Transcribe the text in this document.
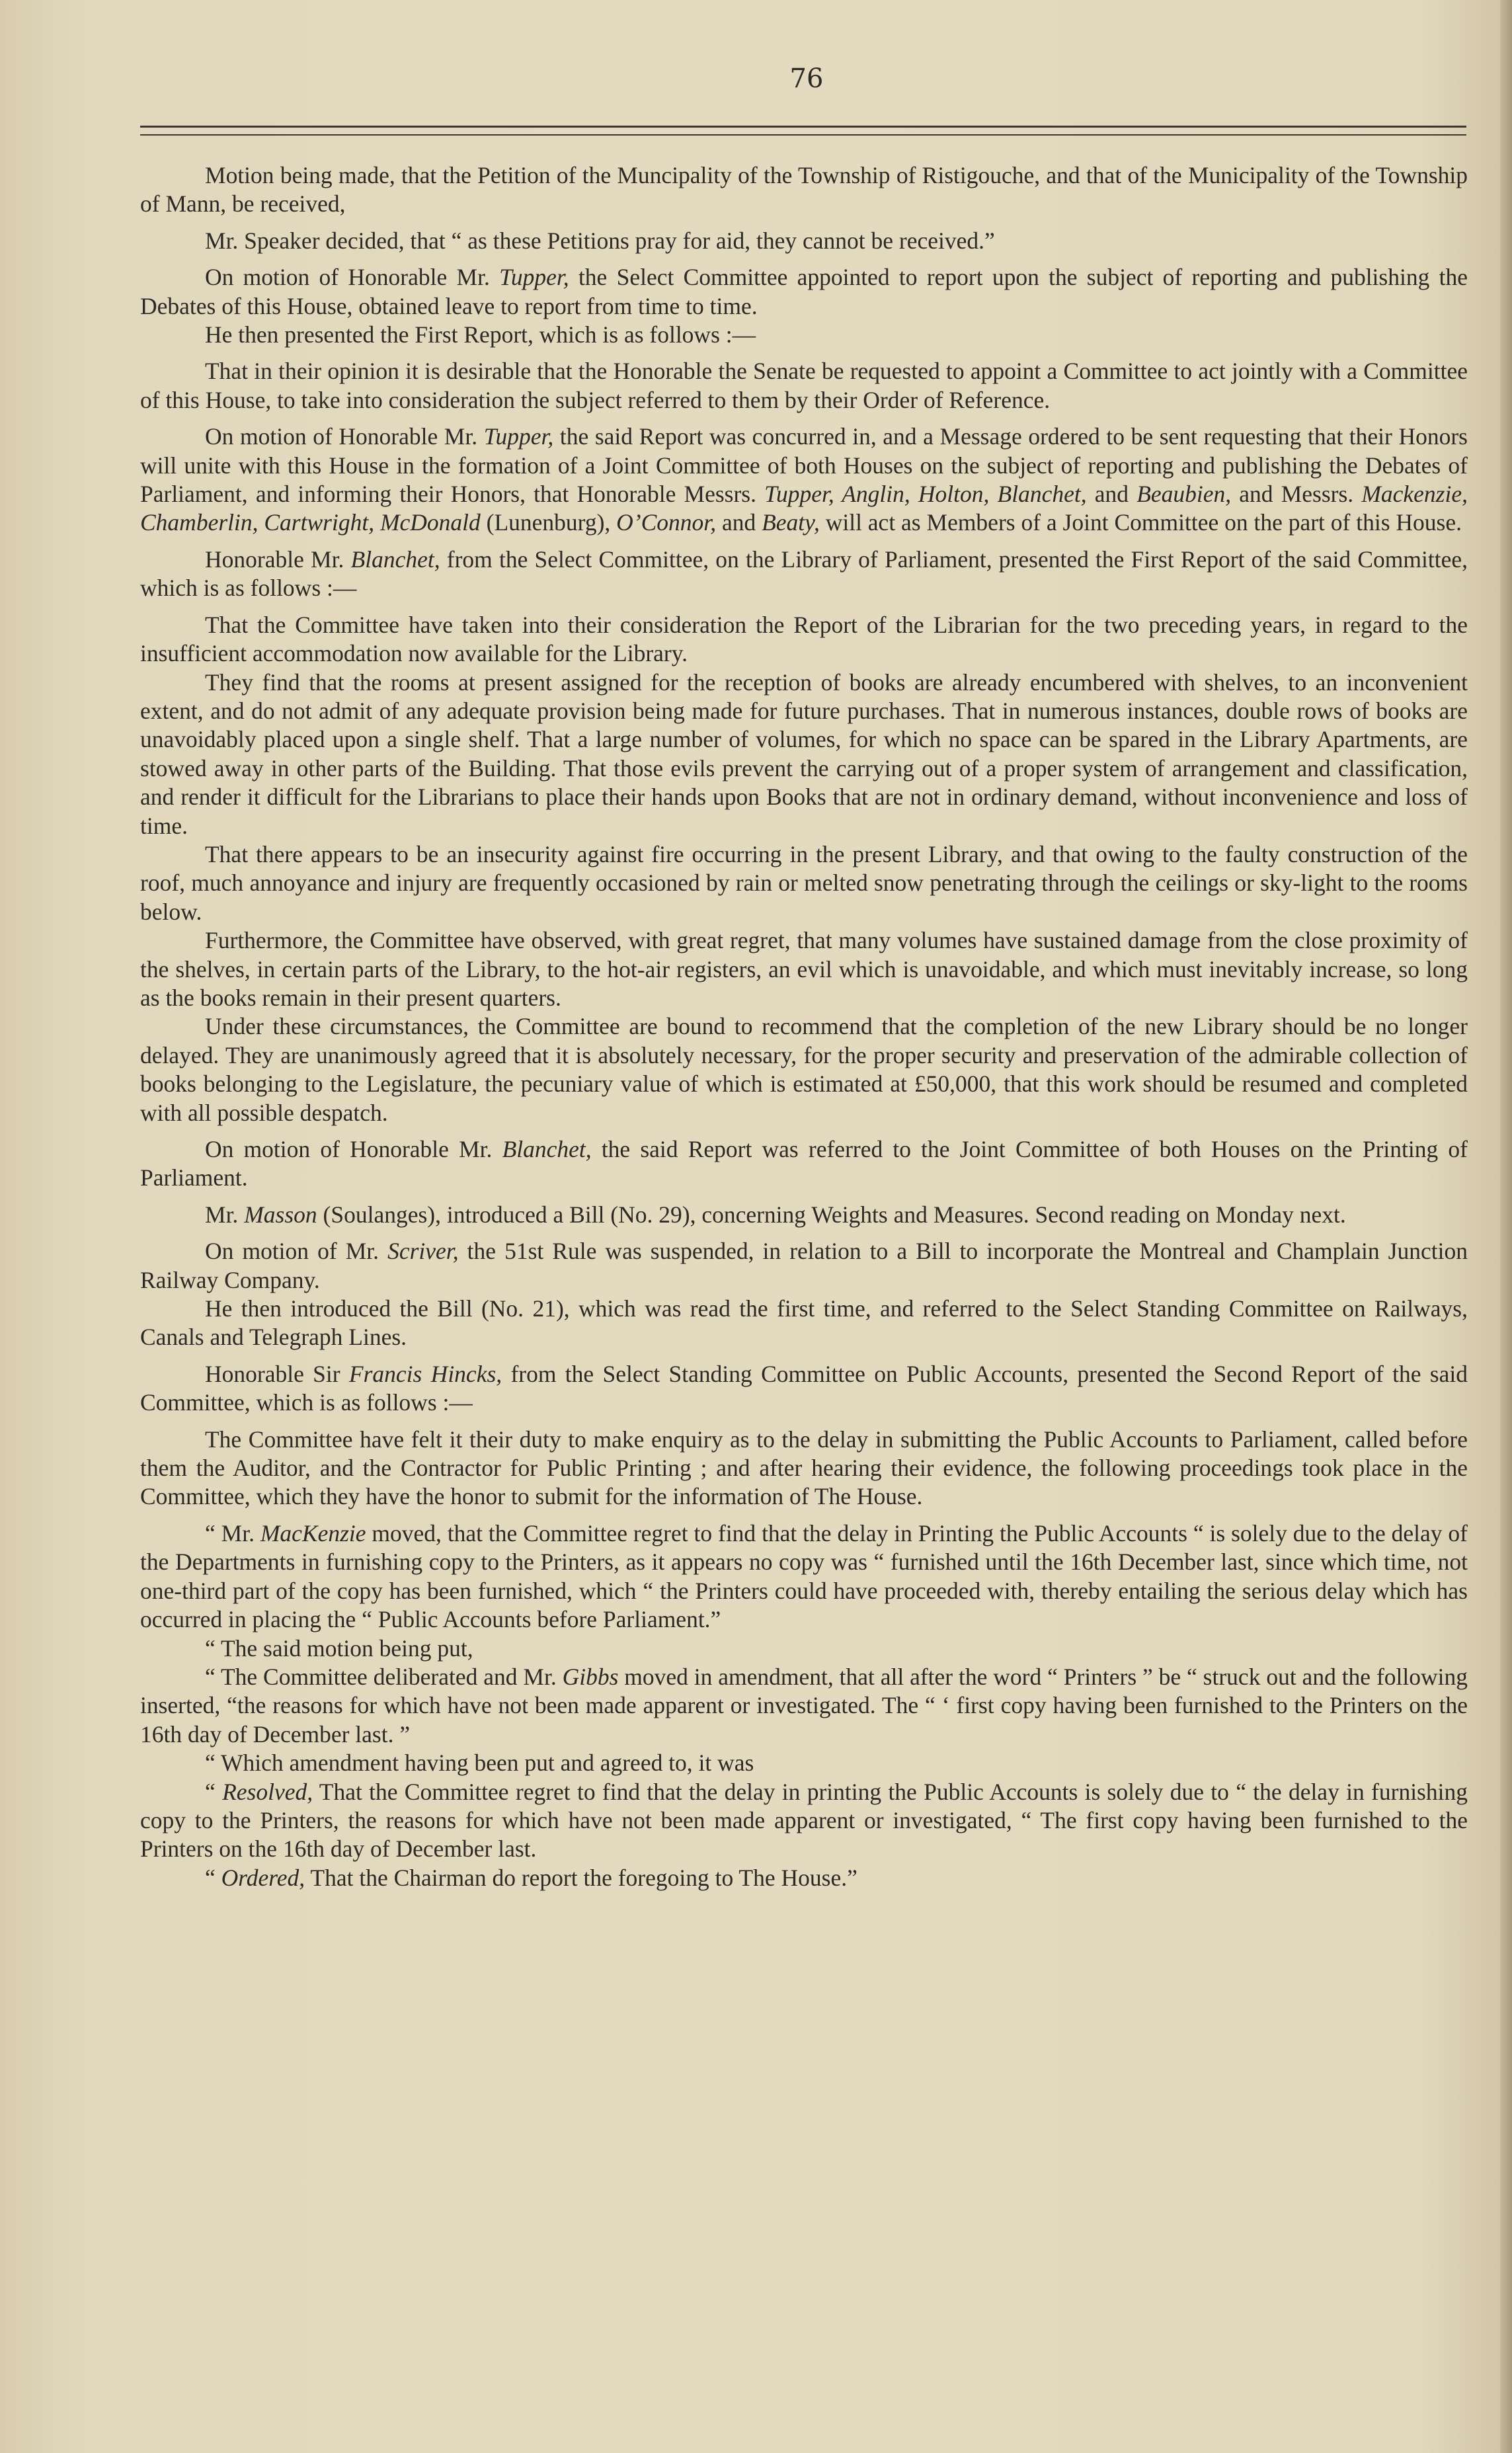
76

Motion being made, that the Petition of the Muncipality of the Township of Ristigouche, and that of the Municipality of the Township of Mann, be received,

Mr. Speaker decided, that “ as these Petitions pray for aid, they cannot be received.”

On motion of Honorable Mr. Tupper, the Select Committee appointed to report upon the subject of reporting and publishing the Debates of this House, obtained leave to report from time to time.

He then presented the First Report, which is as follows :—

That in their opinion it is desirable that the Honorable the Senate be requested to appoint a Committee to act jointly with a Committee of this House, to take into consideration the subject referred to them by their Order of Reference.

On motion of Honorable Mr. Tupper, the said Report was concurred in, and a Message ordered to be sent requesting that their Honors will unite with this House in the formation of a Joint Committee of both Houses on the subject of reporting and publishing the Debates of Parliament, and informing their Honors, that Honorable Messrs. Tupper, Anglin, Holton, Blanchet, and Beaubien, and Messrs. Mackenzie, Chamberlin, Cartwright, McDonald (Lunenburg), O’Connor, and Beaty, will act as Members of a Joint Committee on the part of this House.

Honorable Mr. Blanchet, from the Select Committee, on the Library of Parliament, presented the First Report of the said Committee, which is as follows :—

That the Committee have taken into their consideration the Report of the Librarian for the two preceding years, in regard to the insufficient accommodation now available for the Library.

They find that the rooms at present assigned for the reception of books are already encumbered with shelves, to an inconvenient extent, and do not admit of any adequate provision being made for future purchases. That in numerous instances, double rows of books are unavoidably placed upon a single shelf. That a large number of volumes, for which no space can be spared in the Library Apartments, are stowed away in other parts of the Building. That those evils prevent the carrying out of a proper system of arrangement and classification, and render it difficult for the Librarians to place their hands upon Books that are not in ordinary demand, without inconvenience and loss of time.

That there appears to be an insecurity against fire occurring in the present Library, and that owing to the faulty construction of the roof, much annoyance and injury are frequently occasioned by rain or melted snow penetrating through the ceilings or sky-light to the rooms below.

Furthermore, the Committee have observed, with great regret, that many volumes have sustained damage from the close proximity of the shelves, in certain parts of the Library, to the hot-air registers, an evil which is unavoidable, and which must inevitably increase, so long as the books remain in their present quarters.

Under these circumstances, the Committee are bound to recommend that the completion of the new Library should be no longer delayed. They are unanimously agreed that it is absolutely necessary, for the proper security and preservation of the admirable collection of books belonging to the Legislature, the pecuniary value of which is estimated at £50,000, that this work should be resumed and completed with all possible despatch.

On motion of Honorable Mr. Blanchet, the said Report was referred to the Joint Committee of both Houses on the Printing of Parliament.

Mr. Masson (Soulanges), introduced a Bill (No. 29), concerning Weights and Measures. Second reading on Monday next.

On motion of Mr. Scriver, the 51st Rule was suspended, in relation to a Bill to incorporate the Montreal and Champlain Junction Railway Company.

He then introduced the Bill (No. 21), which was read the first time, and referred to the Select Standing Committee on Railways, Canals and Telegraph Lines.

Honorable Sir Francis Hincks, from the Select Standing Committee on Public Accounts, presented the Second Report of the said Committee, which is as follows :—

The Committee have felt it their duty to make enquiry as to the delay in submitting the Public Accounts to Parliament, called before them the Auditor, and the Contractor for Public Printing ; and after hearing their evidence, the following proceedings took place in the Committee, which they have the honor to submit for the information of The House.

“ Mr. MacKenzie moved, that the Committee regret to find that the delay in Printing the Public Accounts “ is solely due to the delay of the Departments in furnishing copy to the Printers, as it appears no copy was “ furnished until the 16th December last, since which time, not one-third part of the copy has been furnished, which “ the Printers could have proceeded with, thereby entailing the serious delay which has occurred in placing the “ Public Accounts before Parliament.”

“ The said motion being put,

“ The Committee deliberated and Mr. Gibbs moved in amendment, that all after the word “ Printers ” be “ struck out and the following inserted, “the reasons for which have not been made apparent or investigated. The “ ‘ first copy having been furnished to the Printers on the 16th day of December last. ”

“ Which amendment having been put and agreed to, it was

“ Resolved, That the Committee regret to find that the delay in printing the Public Accounts is solely due to “ the delay in furnishing copy to the Printers, the reasons for which have not been made apparent or investigated, “ The first copy having been furnished to the Printers on the 16th day of December last.

“ Ordered, That the Chairman do report the foregoing to The House.”
